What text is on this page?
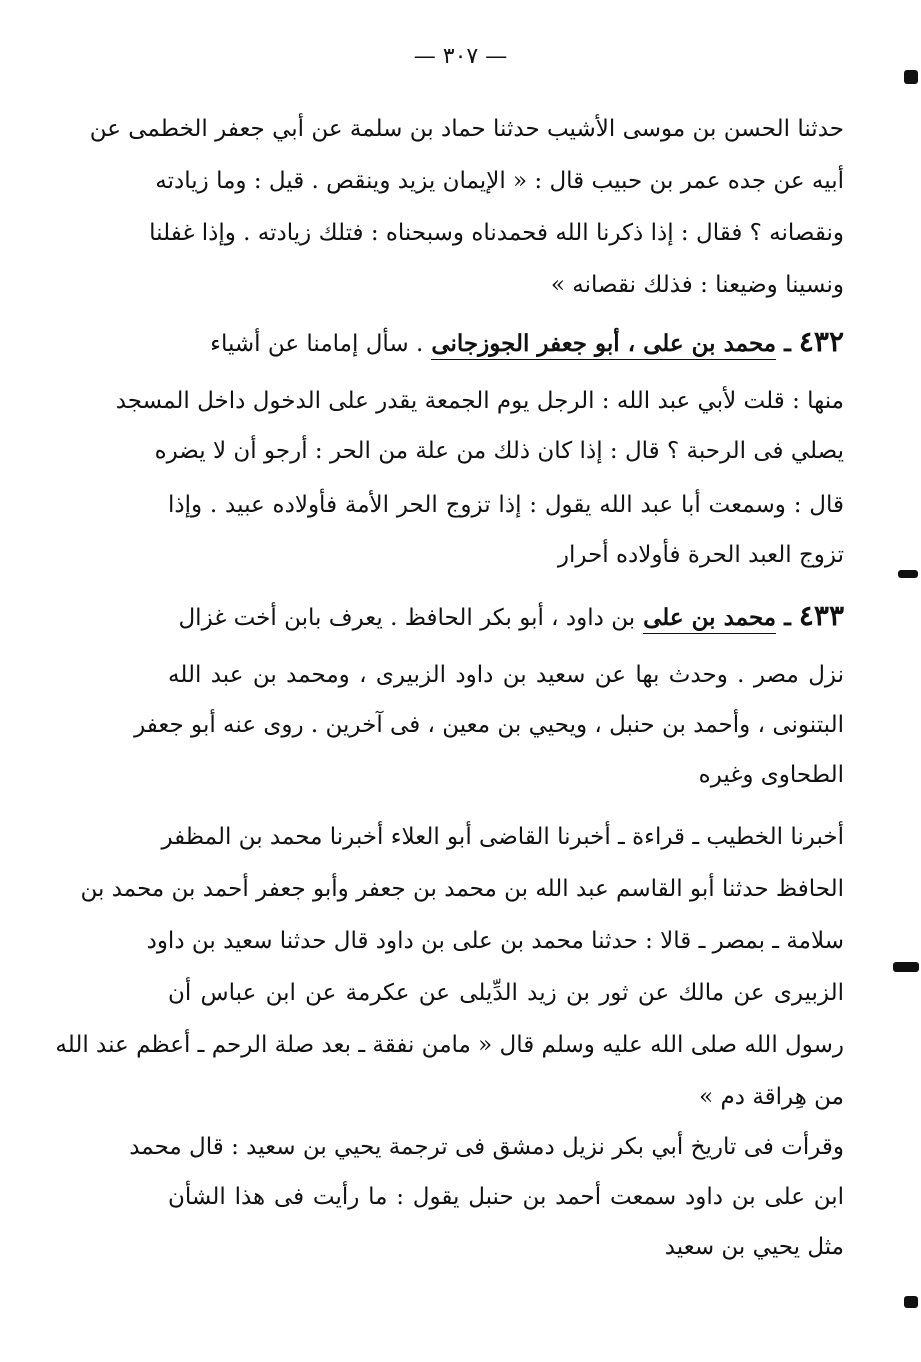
— ٣٠٧ —
حدثنا الحسن بن موسى الأشيب حدثنا حماد بن سلمة عن أبي جعفر الخطمى عن
أبيه عن جده عمر بن حبيب قال : « الإيمان يزيد وينقص . قيل : وما زيادته
ونقصانه ؟ فقال : إذا ذكرنا الله فحمدناه وسبحناه : فتلك زيادته . وإذا غفلنا
ونسينا وضيعنا : فذلك نقصانه »
٤٣٢ ـ محمد بن على ، أبو جعفر الجوزجانى . سأل إمامنا عن أشياء
منها : قلت لأبي عبد الله : الرجل يوم الجمعة يقدر على الدخول داخل المسجد
يصلي فى الرحبة ؟ قال : إذا كان ذلك من علة من الحر : أرجو أن لا يضره
قال : وسمعت أبا عبد الله يقول : إذا تزوج الحر الأمة فأولاده عبيد . وإذا
تزوج العبد الحرة فأولاده أحرار
٤٣٣ ـ محمد بن على بن داود ، أبو بكر الحافظ . يعرف بابن أخت غزال
نزل مصر . وحدث بها عن سعيد بن داود الزبيرى ، ومحمد بن عبد الله
البتنونى ، وأحمد بن حنبل ، ويحيي بن معين ، فى آخرين . روى عنه أبو جعفر
الطحاوى وغيره
أخبرنا الخطيب ـ قراءة ـ أخبرنا القاضى أبو العلاء أخبرنا محمد بن المظفر
الحافظ حدثنا أبو القاسم عبد الله بن محمد بن جعفر وأبو جعفر أحمد بن محمد بن
سلامة ـ بمصر ـ قالا : حدثنا محمد بن على بن داود قال حدثنا سعيد بن داود
الزبيرى عن مالك عن ثور بن زيد الدِّيلى عن عكرمة عن ابن عباس أن
رسول الله صلى الله عليه وسلم قال « مامن نفقة ـ بعد صلة الرحم ـ أعظم عند الله
من هِراقة دم »
وقرأت فى تاريخ أبي بكر نزيل دمشق فى ترجمة يحيي بن سعيد : قال محمد
ابن على بن داود سمعت أحمد بن حنبل يقول : ما رأيت فى هذا الشأن
مثل يحيي بن سعيد
